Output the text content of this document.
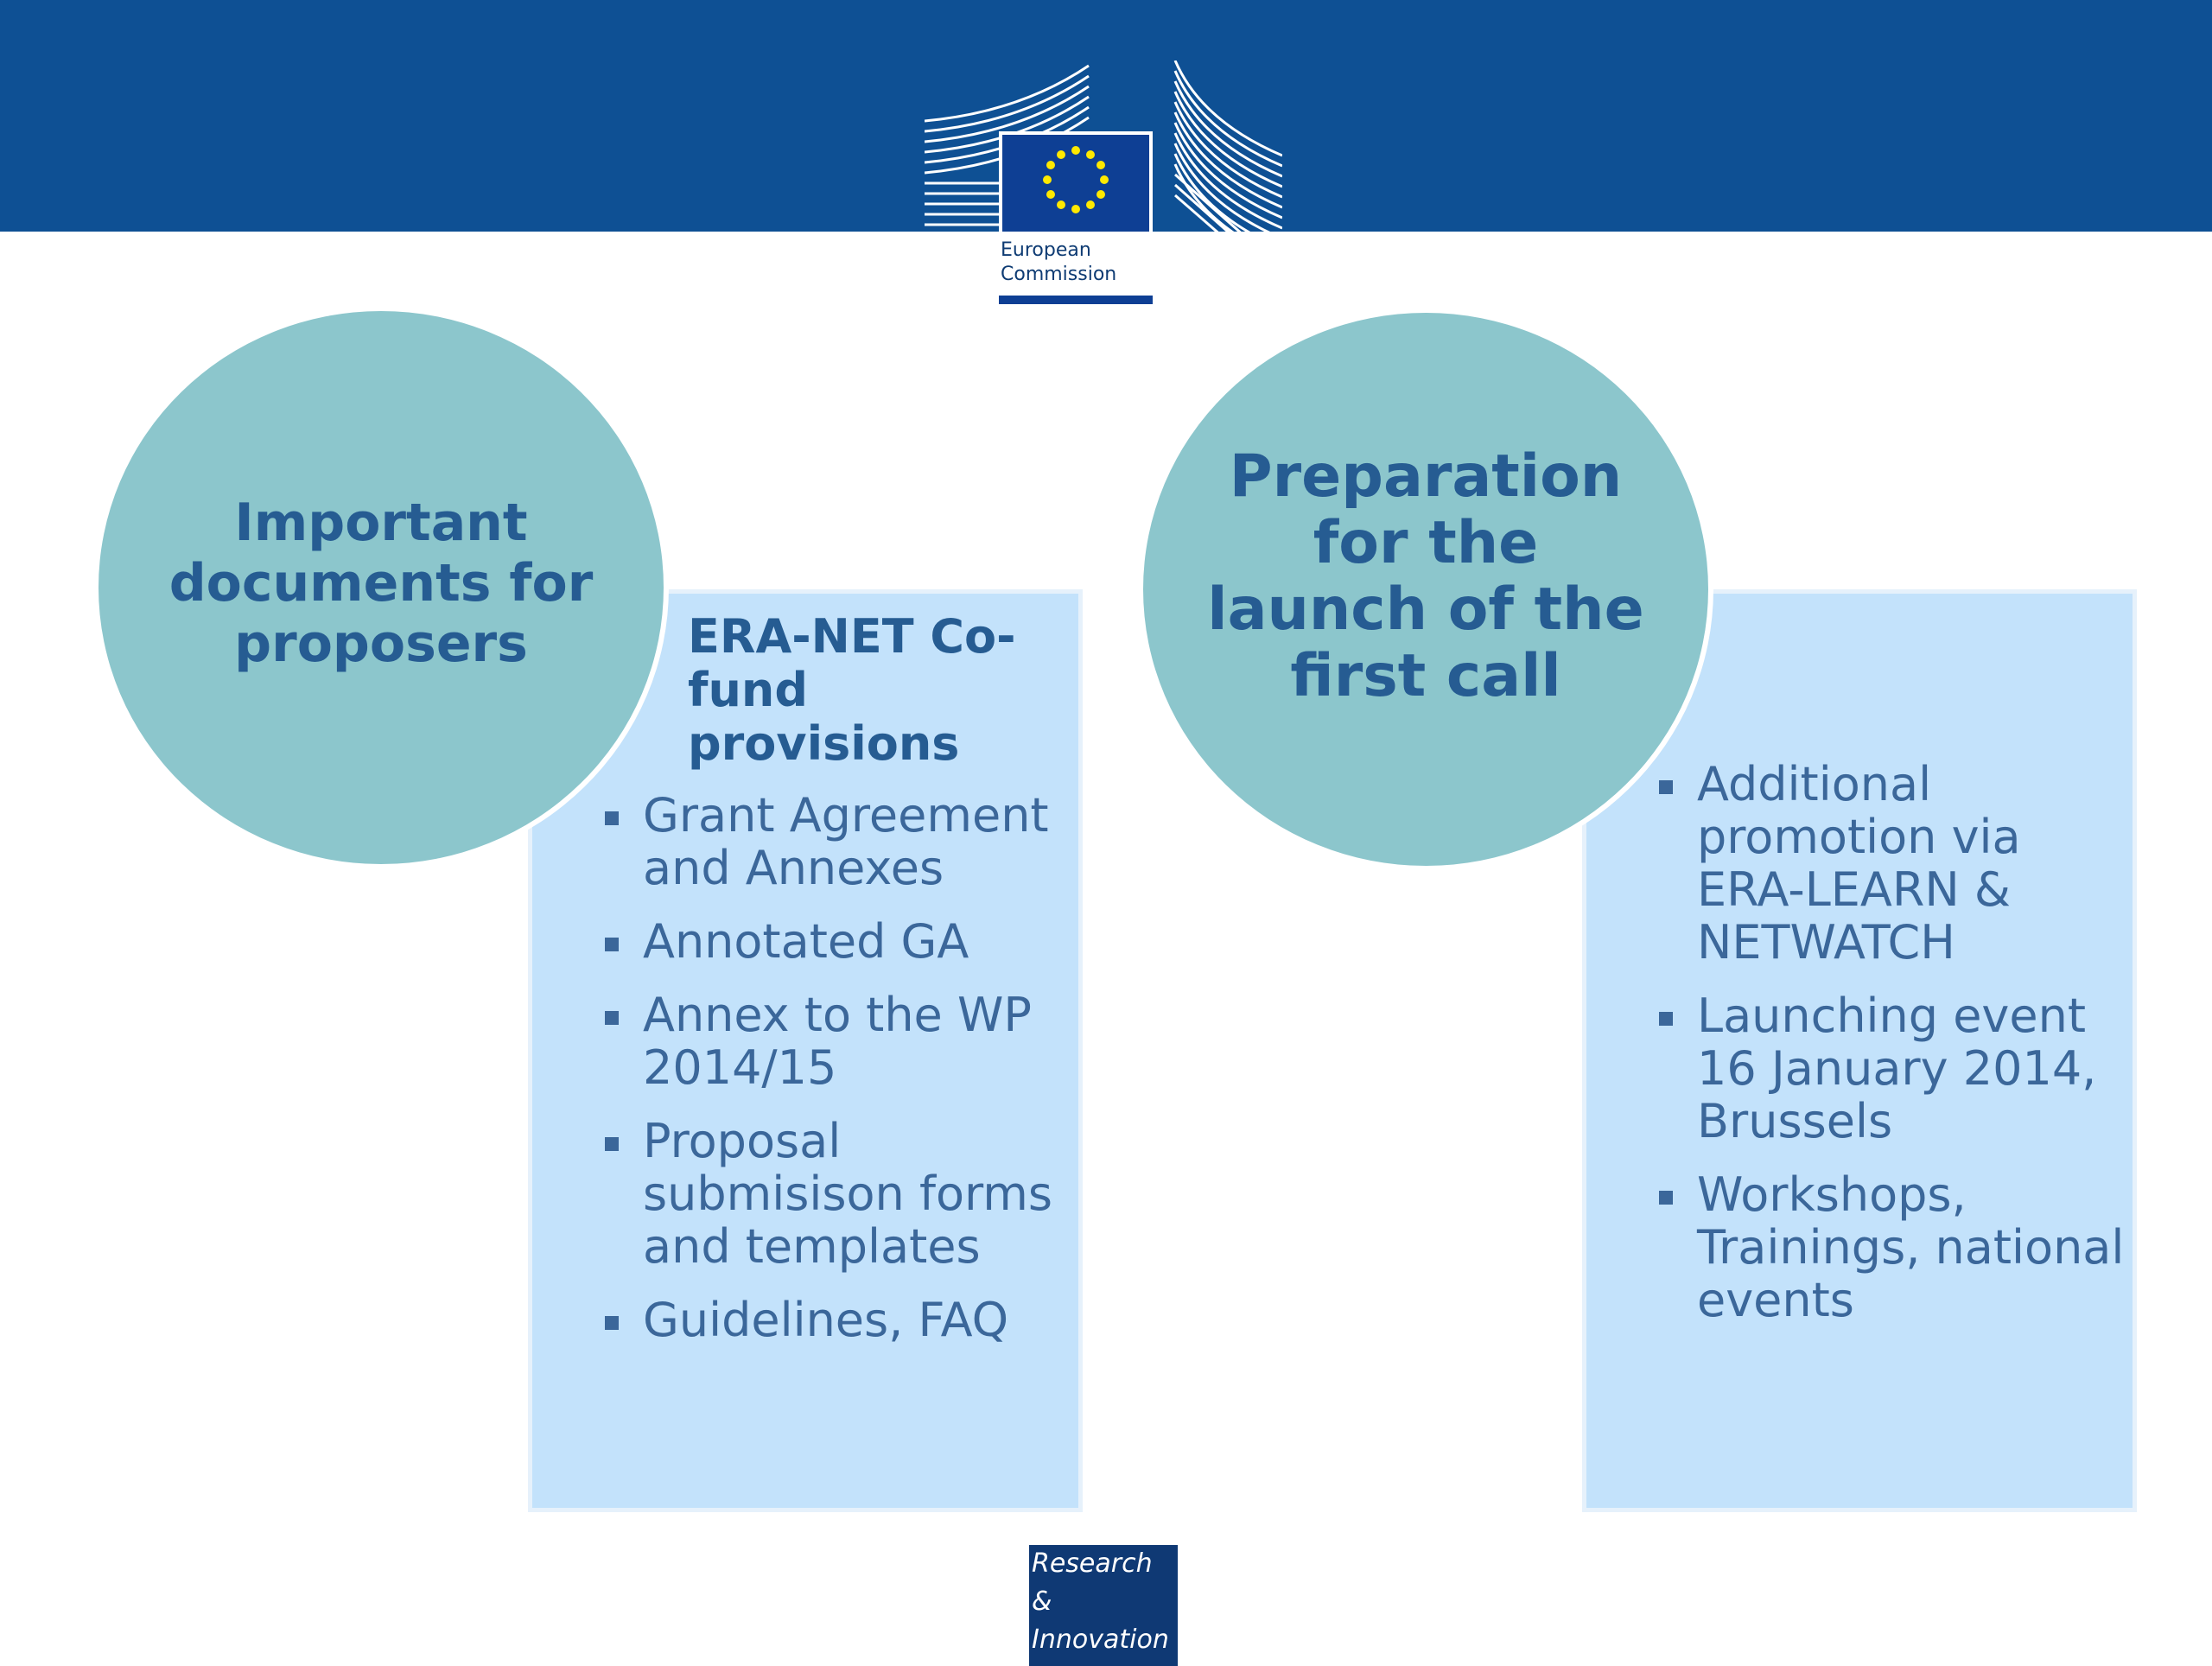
European
Commission
Important documents for proposers
Preparation for the launch of the first call
ERA-NET Co-fund provisions
Grant Agreement and Annexes
Annotated GA
Annex to the WP 2014/15
Proposal submisison forms and templates
Guidelines, FAQ
Additional promotion via ERA-LEARN & NETWATCH
Launching event 16 January 2014, Brussels
Workshops, Trainings, national events
Research &
Innovation
